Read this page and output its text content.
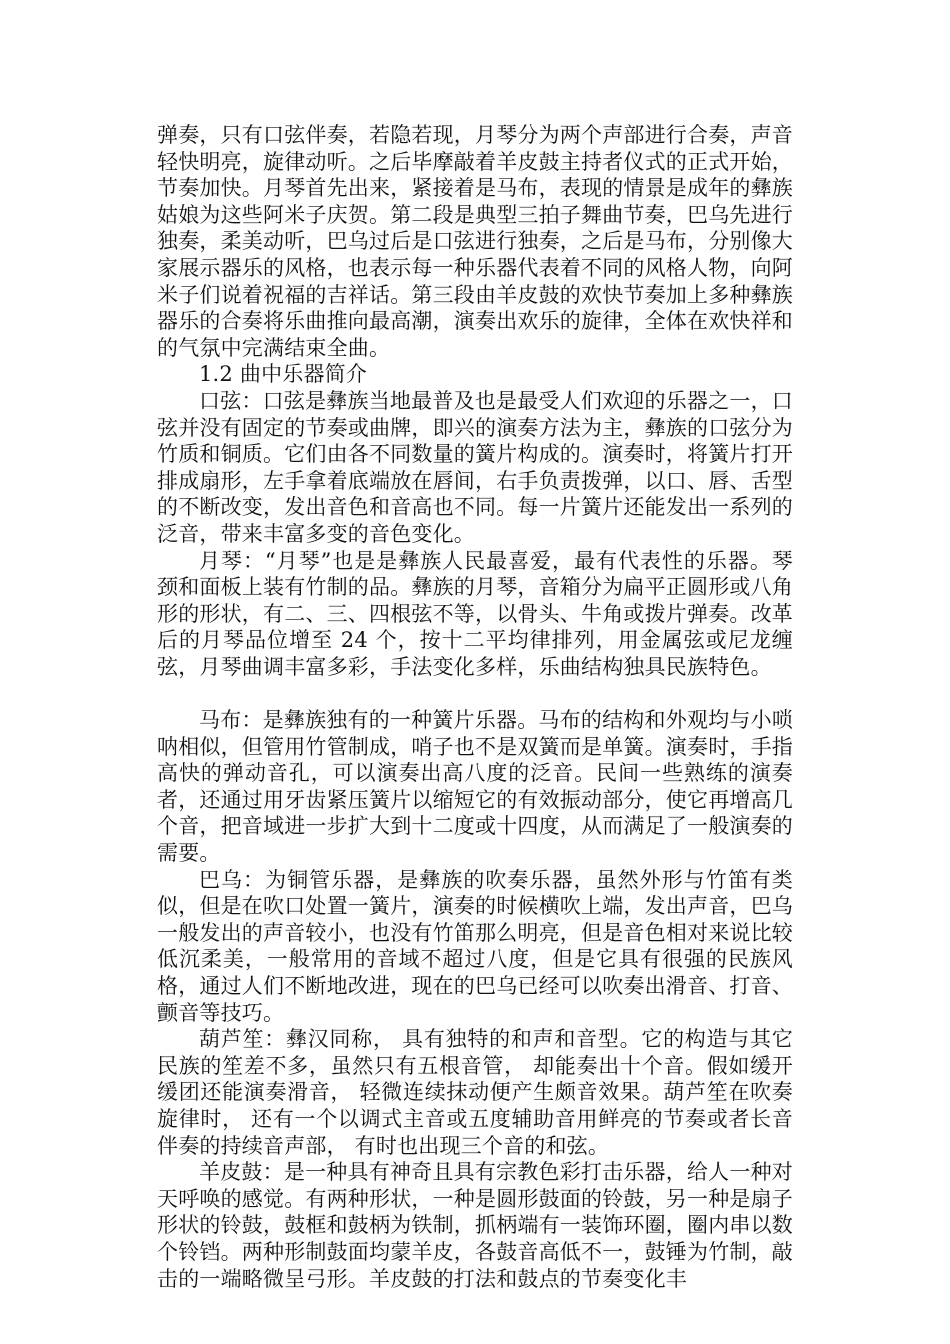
弹奏，只有口弦伴奏，若隐若现，月琴分为两个声部进行合奏，声音轻快明亮，旋律动听。之后毕摩敲着羊皮鼓主持者仪式的正式开始，节奏加快。月琴首先出来，紧接着是马布，表现的情景是成年的彝族姑娘为这些阿米子庆贺。第二段是典型三拍子舞曲节奏，巴乌先进行独奏，柔美动听，巴乌过后是口弦进行独奏，之后是马布，分别像大家展示器乐的风格，也表示每一种乐器代表着不同的风格人物，向阿米子们说着祝福的吉祥话。第三段由羊皮鼓的欢快节奏加上多种彝族器乐的合奏将乐曲推向最高潮，演奏出欢乐的旋律，全体在欢快祥和的气氛中完满结束全曲。

1.2 曲中乐器简介

口弦：口弦是彝族当地最普及也是最受人们欢迎的乐器之一，口弦并没有固定的节奏或曲牌，即兴的演奏方法为主，彝族的口弦分为竹质和铜质。它们由各不同数量的簧片构成的。演奏时，将簧片打开排成扇形，左手拿着底端放在唇间，右手负责拨弹，以口、唇、舌型的不断改变，发出音色和音高也不同。每一片簧片还能发出一系列的泛音，带来丰富多变的音色变化。

月琴：“月琴”也是是彝族人民最喜爱，最有代表性的乐器。琴颈和面板上装有竹制的品。彝族的月琴，音箱分为扁平正圆形或八角形的形状，有二、三、四根弦不等，以骨头、牛角或拨片弹奏。改革后的月琴品位增至 24 个，按十二平均律排列，用金属弦或尼龙缠弦，月琴曲调丰富多彩，手法变化多样，乐曲结构独具民族特色。

马布：是彝族独有的一种簧片乐器。马布的结构和外观均与小唢呐相似，但管用竹管制成，哨子也不是双簧而是单簧。演奏时，手指高快的弹动音孔，可以演奏出高八度的泛音。民间一些熟练的演奏者，还通过用牙齿紧压簧片以缩短它的有效振动部分，使它再增高几个音，把音域进一步扩大到十二度或十四度，从而满足了一般演奏的需要。

巴乌：为铜管乐器，是彝族的吹奏乐器，虽然外形与竹笛有类似，但是在吹口处置一簧片，演奏的时候横吹上端，发出声音，巴乌一般发出的声音较小，也没有竹笛那么明亮，但是音色相对来说比较低沉柔美，一般常用的音域不超过八度，但是它具有很强的民族风格，通过人们不断地改进，现在的巴乌已经可以吹奏出滑音、打音、颤音等技巧。

葫芦笙：彝汉同称， 具有独特的和声和音型。它的构造与其它民族的笙差不多，虽然只有五根音管， 却能奏出十个音。假如缓开缓团还能演奏滑音， 轻微连续抹动便产生颇音效果。葫芦笙在吹奏旋律时， 还有一个以调式主音或五度辅助音用鲜亮的节奏或者长音伴奏的持续音声部， 有时也出现三个音的和弦。

羊皮鼓：是一种具有神奇且具有宗教色彩打击乐器，给人一种对天呼唤的感觉。有两种形状，一种是圆形鼓面的铃鼓，另一种是扇子形状的铃鼓，鼓框和鼓柄为铁制，抓柄端有一装饰环圈，圈内串以数个铃铛。两种形制鼓面均蒙羊皮，各鼓音高低不一，鼓锤为竹制，敲击的一端略微呈弓形。羊皮鼓的打法和鼓点的节奏变化丰
